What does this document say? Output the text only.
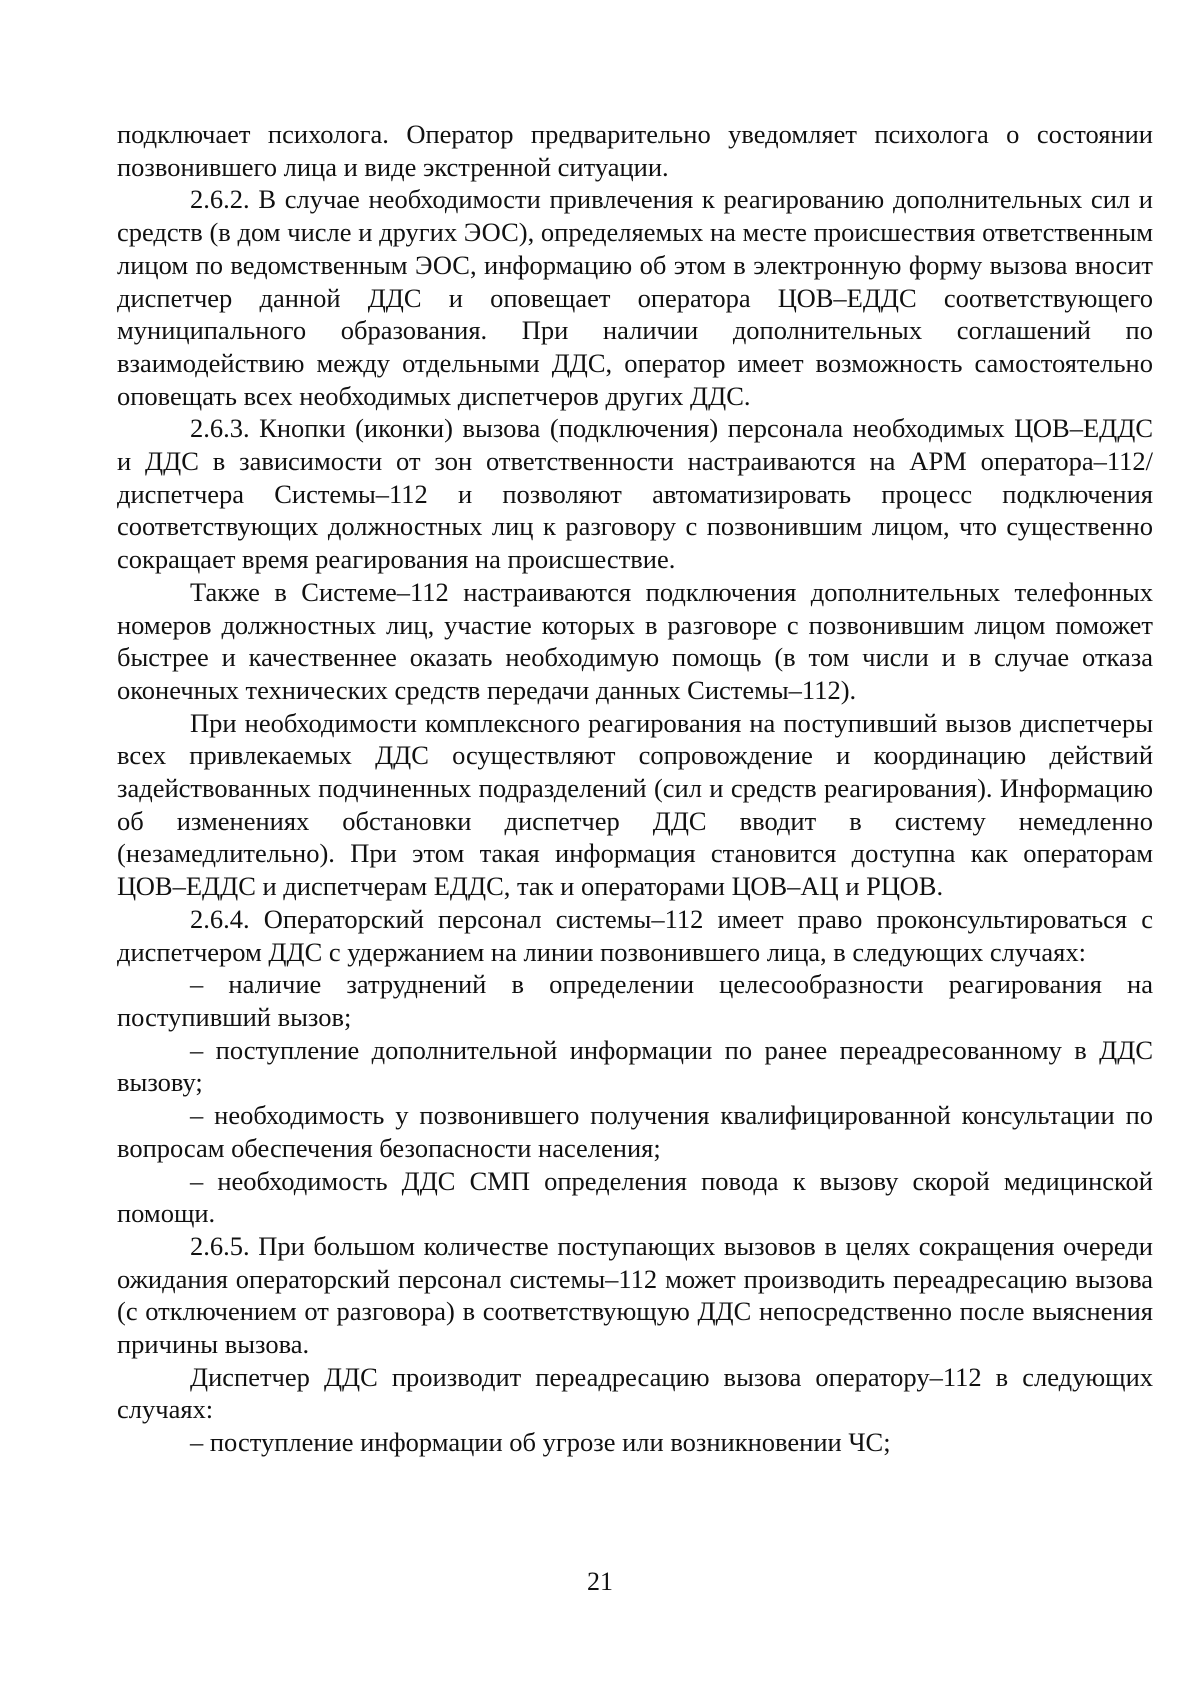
подключает психолога. Оператор предварительно уведомляет психолога о состоянии позвонившего лица и виде экстренной ситуации.

2.6.2. В случае необходимости привлечения к реагированию дополнительных сил и средств (в дом числе и других ЭОС), определяемых на месте происшествия ответственным лицом по ведомственным ЭОС, информацию об этом в электронную форму вызова вносит диспетчер данной ДДС и оповещает оператора ЦОВ–ЕДДС соответствующего муниципального образования. При наличии дополнительных соглашений по взаимодействию между отдельными ДДС, оператор имеет возможность самостоятельно оповещать всех необходимых диспетчеров других ДДС.

2.6.3. Кнопки (иконки) вызова (подключения) персонала необходимых ЦОВ–ЕДДС и ДДС в зависимости от зон ответственности настраиваются на АРМ оператора–112/диспетчера Системы–112 и позволяют автоматизировать процесс подключения соответствующих должностных лиц к разговору с позвонившим лицом, что существенно сокращает время реагирования на происшествие.

Также в Системе–112 настраиваются подключения дополнительных телефонных номеров должностных лиц, участие которых в разговоре с позвонившим лицом поможет быстрее и качественнее оказать необходимую помощь (в том числи и в случае отказа оконечных технических средств передачи данных Системы–112).

При необходимости комплексного реагирования на поступивший вызов диспетчеры всех привлекаемых ДДС осуществляют сопровождение и координацию действий задействованных подчиненных подразделений (сил и средств реагирования). Информацию об изменениях обстановки диспетчер ДДС вводит в систему немедленно (незамедлительно). При этом такая информация становится доступна как операторам ЦОВ–ЕДДС и диспетчерам ЕДДС, так и операторами ЦОВ–АЦ и РЦОВ.

2.6.4. Операторский персонал системы–112 имеет право проконсультироваться с диспетчером ДДС с удержанием на линии позвонившего лица, в следующих случаях:

– наличие затруднений в определении целесообразности реагирования на поступивший вызов;

– поступление дополнительной информации по ранее переадресованному в ДДС вызову;

– необходимость у позвонившего получения квалифицированной консультации по вопросам обеспечения безопасности населения;

– необходимость ДДС СМП определения повода к вызову скорой медицинской помощи.

2.6.5. При большом количестве поступающих вызовов в целях сокращения очереди ожидания операторский персонал системы–112 может производить переадресацию вызова (с отключением от разговора) в соответствующую ДДС непосредственно после выяснения причины вызова.

Диспетчер ДДС производит переадресацию вызова оператору–112 в следующих случаях:

– поступление информации об угрозе или возникновении ЧС;

21
